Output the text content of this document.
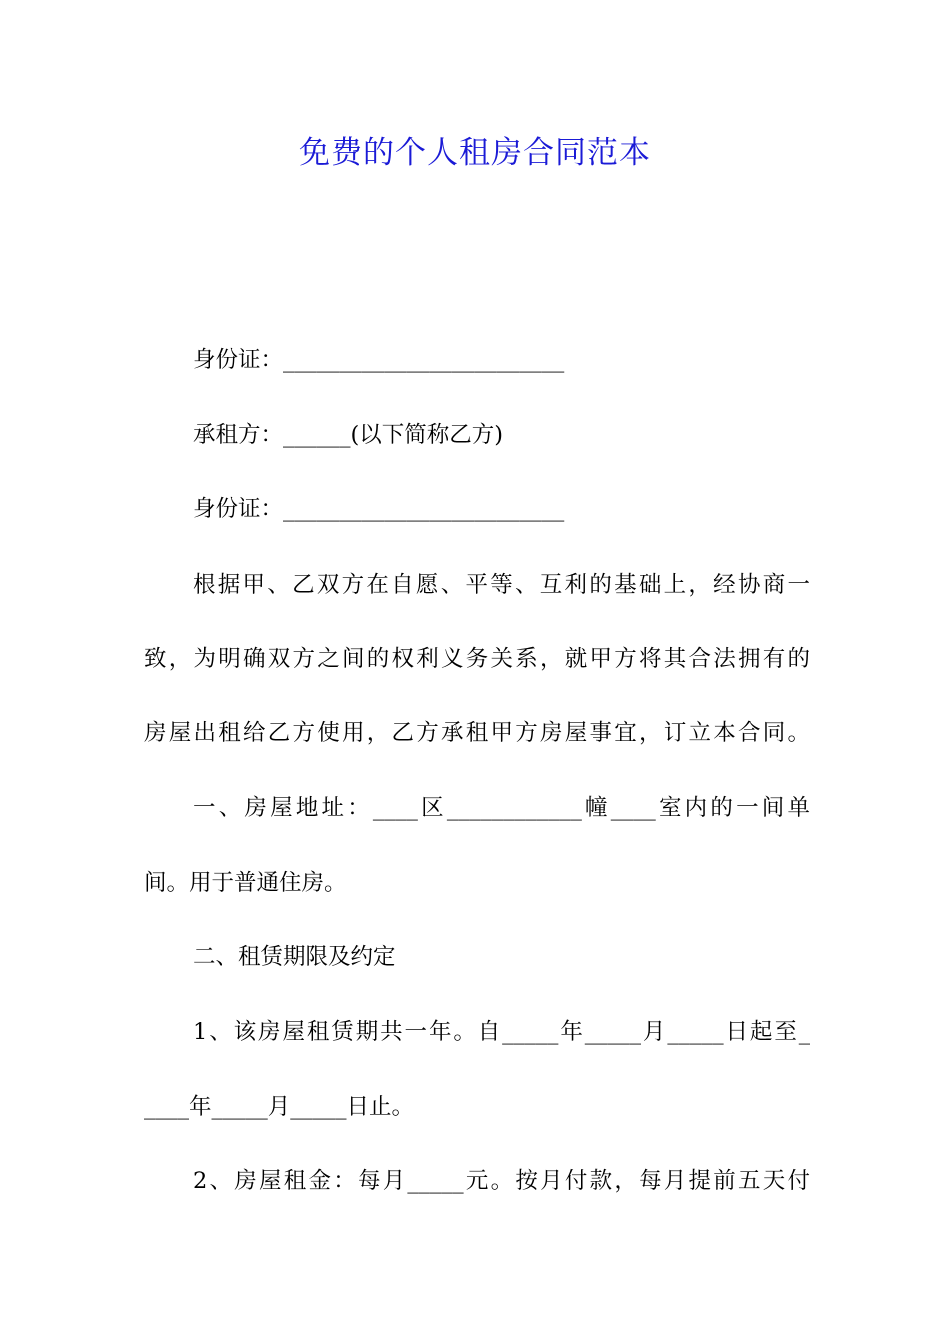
免费的个人租房合同范本
身份证：_________________________
承租方：______(以下简称乙方)
身份证：_________________________
根据甲、乙双方在自愿、平等、互利的基础上，经协商一
致，为明确双方之间的权利义务关系，就甲方将其合法拥有的
房屋出租给乙方使用，乙方承租甲方房屋事宜，订立本合同。
一、房屋地址：____区____________幢____室内的一间单
间。用于普通住房。
二、租赁期限及约定
1、该房屋租赁期共一年。自_____年_____月_____日起至_
____年_____月_____日止。
2、房屋租金：每月_____元。按月付款，每月提前五天付
